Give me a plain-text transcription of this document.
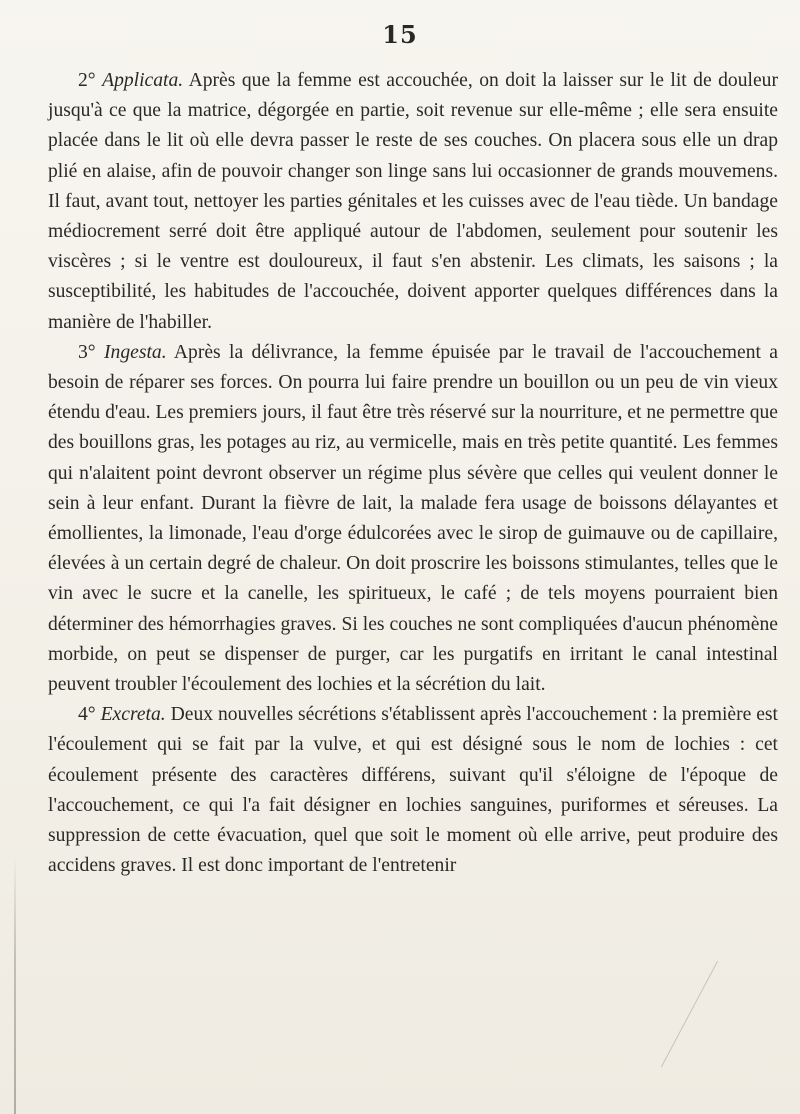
15

2° Applicata. Après que la femme est accouchée, on doit la laisser sur le lit de douleur jusqu'à ce que la matrice, dégorgée en partie, soit revenue sur elle-même ; elle sera ensuite placée dans le lit où elle devra passer le reste de ses couches. On placera sous elle un drap plié en alaise, afin de pouvoir changer son linge sans lui occasionner de grands mouvemens. Il faut, avant tout, nettoyer les parties génitales et les cuisses avec de l'eau tiède. Un bandage médiocrement serré doit être appliqué autour de l'abdomen, seulement pour soutenir les viscères ; si le ventre est douloureux, il faut s'en abstenir. Les climats, les saisons ; la susceptibilité, les habitudes de l'accouchée, doivent apporter quelques différences dans la manière de l'habiller.

3° Ingesta. Après la délivrance, la femme épuisée par le travail de l'accouchement a besoin de réparer ses forces. On pourra lui faire prendre un bouillon ou un peu de vin vieux étendu d'eau. Les premiers jours, il faut être très réservé sur la nourriture, et ne permettre que des bouillons gras, les potages au riz, au vermicelle, mais en très petite quantité. Les femmes qui n'alaitent point devront observer un régime plus sévère que celles qui veulent donner le sein à leur enfant. Durant la fièvre de lait, la malade fera usage de boissons délayantes et émollientes, la limonade, l'eau d'orge édulcorées avec le sirop de guimauve ou de capillaire, élevées à un certain degré de chaleur. On doit proscrire les boissons stimulantes, telles que le vin avec le sucre et la canelle, les spiritueux, le café ; de tels moyens pourraient bien déterminer des hémorrhagies graves. Si les couches ne sont compliquées d'aucun phénomène morbide, on peut se dispenser de purger, car les purgatifs en irritant le canal intestinal peuvent troubler l'écoulement des lochies et la sécrétion du lait.

4° Excreta. Deux nouvelles sécrétions s'établissent après l'accouchement : la première est l'écoulement qui se fait par la vulve, et qui est désigné sous le nom de lochies : cet écoulement présente des caractères différens, suivant qu'il s'éloigne de l'époque de l'accouchement, ce qui l'a fait désigner en lochies sanguines, puriformes et séreuses. La suppression de cette évacuation, quel que soit le moment où elle arrive, peut produire des accidens graves. Il est donc important de l'entretenir
